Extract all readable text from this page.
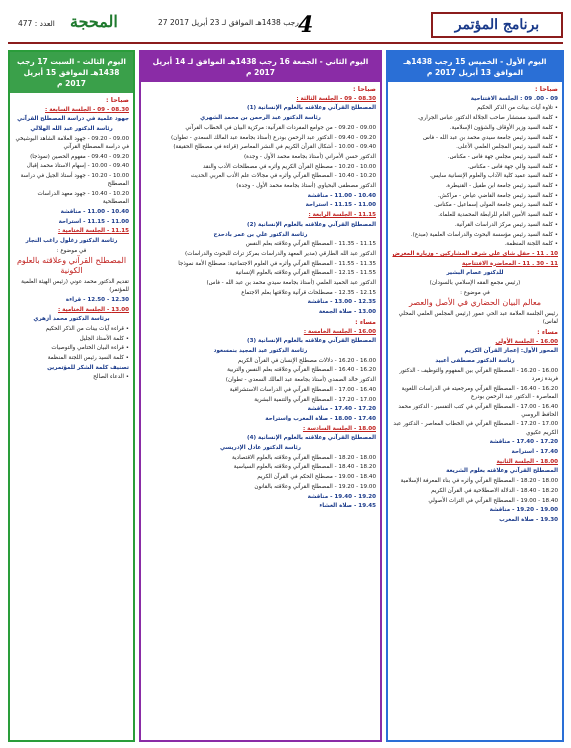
العدد : 477 المحجة	27 رجب 1438هـ الموافق لـ 23 أبريل 2017 4	برنامج المؤتمر
اليوم الأول - الخميس 15 رجب 1438هـ الموافق 13 أبريل 2017 م

صباحا :

09 - 00. 09 : الجلسة الافتتاحية

• تلاوة آيات بينات من الذكر الحكيم

• كلمة السيد مستشار صاحب الجلالة الدكتور عباس الجراري.

• كلمة السيد وزير الأوقاف والشؤون الإسلامية.

• كلمة السيد رئيس جامعة سيدي محمد بن عبد الله - فاس

• كلمة السيد رئيس المجلس العلمي الأعلى.

• كلمة السيد رئيس مجلس جهة فاس - مكناس.

• كلمة السيد والي جهة فاس - مكناس.

• كلمة السيد عميد كلية الآداب والعلوم الإنسانية سايس.

• كلمة السيد رئيس جامعة ابن طفيل - القنيطرة.

• كلمة السيد رئيس جامعة القاضي عياض - مراكش.

• كلمة السيد رئيس جامعة المولى إسماعيل - مكناس.

• كلمة السيد الأمين العام للرابطة المحمدية للعلماء.

• كلمة السيد رئيس مركز الدراسات القرآنية.

• كلمة السيد رئيس مؤسسة البحوث والدراسات العلمية (مبدع).

• كلمة اللجنة المنظمة.

10 . 11 - حفل شاي على شرف المشاركين - وزيارة المعرض

11 - 30 . 11 - المحاضرة الافتتاحية

للدكتور عصام البشير

(رئيس مجمع الفقه الإسلامي بالسودان)

في موضوع :

معالم البيان الحضاري في الأصل والعصر

رئيس الجلسة العلامة عبد الحي عمور (رئيس المجلس العلمي المحلي لفاس)

مساء :

16.00 - الجلسة الأولى

المحور الأول: إعجاز القرآن الكريم

رئاسة الدكتور مصطفى أعبيد

16.00 - 16.20 - المصطلح القرآني بين المفهوم والتوظيف - الدكتور فريدة زمرد

16.20 - 16.40 - المصطلح القرآني ومرجعيته في الدراسات اللغوية المعاصرة - الدكتور عبد الرحمن بودرع

16.40 - 17.00 - المصطلح القرآني في كتب التفسير - الدكتور محمد الحافظ الروسي

17.00 - 17.20 - المصطلح القرآني في الخطاب المعاصر - الدكتور عبد الكريم عكيوي

17.20 - 17.40 - مناقشة

17.40 - استراحة

18.00 - الجلسة الثانية

المصطلح القرآني وعلاقته بعلوم الشريعة

18.00 - 18.20 - المصطلح القرآني وأثره في بناء المعرفة الإسلامية

18.20 - 18.40 - الدلالة الاصطلاحية في القرآن الكريم

18.40 - 19.00 - المصطلح القرآني في التراث الأصولي

19.00 - 19.20 - مناقشة

19.30 - صلاة المغرب

اليوم الثاني - الجمعة 16 رجب 1438هـ الموافق لـ 14 أبريل 2017 م

صباحا :

08.30 - 09 - الجلسة الثالثة :

المصطلح القرآني وعلاقته بالعلوم الإنسانية (1)

رئاسة الدكتور عبد الرحمن بن محمد الشهري

09.00 - 09.20 - من جوامع المفردات القرآنية: مركزية البيان في الخطاب القرآني

09.20 - 09.40 - الدكتور عبد الرحمن بودرع (أستاذ بجامعة عبد المالك السعدي - تطوان)

09.40 - 10.00 - أشكال القرآن الكريم في النشر المعاصر (قراءة في مصطلح الحقيقة)

الدكتور حسن الأمراني (أستاذ بجامعة محمد الأول - وجدة)

10.00 - 10.20 - مصطلح القرآن الكريم وأثره في مصطلحات الأدب والنقد

10.20 - 10.40 - المصطلح القرآني وأثره في مجالات علم الأدب العربي الحديث

الدكتور مصطفى البحياوي (أستاذ بجامعة محمد الأول - وجدة)

10.40 - 11.00 - مناقشة

11.00 - 11.15 - استراحة

11.15 - الجلسة الرابعة :

المصطلح القرآني وعلاقته بالعلوم الإنسانية (2)

رئاسة الدكتور علي بن عمر بادحدح

11.15 - 11.35 - المصطلح القرآني وعلاقته بعلم النفس

الدكتور عبد الله الطارقي (مدير المعهد والدراسات بمركز تراث للبحوث والدراسات)

11.35 - 11.55 - المصطلح القرآني وأثره في العلوم الاجتماعية: مصطلح الأمة نموذجا

11.55 - 12.15 - المصطلح القرآني وعلاقته بالعلوم الإنسانية

الدكتور عبد الحميد العلمي (أستاذ بجامعة سيدي محمد بن عبد الله - فاس)

12.15 - 12.35 - مصطلحات قرآنية وعلاقتها بعلم الاجتماع

12.35 - 13.00 - مناقشة

13.00 - صلاة الجمعة

مساء :

16.00 - الجلسة الخامسة :

المصطلح القرآني وعلاقته بالعلوم الإنسانية (3)

رئاسة الدكتور عبد المجيد بنمسعود

16.00 - 16.20 - دلالات مصطلح الإنسان في القرآن الكريم

16.20 - 16.40 - المصطلح القرآني وعلاقته بعلم النفس والتربية

الدكتور خالد الصمدي (أستاذ بجامعة عبد المالك السعدي - تطوان)

16.40 - 17.00 - المصطلح القرآني في الدراسات الاستشراقية

17.00 - 17.20 - المصطلح القرآني والتنمية البشرية

17.20 - 17.40 - مناقشة

17.40 - 18.00 - صلاة المغرب واستراحة

18.00 - الجلسة السادسة :

المصطلح القرآني وعلاقته بالعلوم الإنسانية (4)

رئاسة الدكتور عادل الإدريسي

18.00 - 18.20 - المصطلح القرآني وعلاقته بالعلوم الاقتصادية

18.20 - 18.40 - المصطلح القرآني وعلاقته بالعلوم السياسية

18.40 - 19.00 - مصطلح الحكم في القرآن الكريم

19.00 - 19.20 - المصطلح القرآني وعلاقته بالقانون

19.20 - 19.40 - مناقشة

19.45 - صلاة العشاء

اليوم الثالث - السبت 17 رجب 1438هـ الموافق 15 أبريل 2017 م

صباحا :

08.30 - 09 - الجلسة السابعة :

جهود علمية في دراسة المصطلح القرآني

رئاسة الدكتور عبد الله الهلالي

09.00 - 09.20 - جهود العلامة الشاهد البوشيخي في دراسة المصطلح القرآني

09.20 - 09.40 - مفهوم الحصين (نموذجا)

09.40 - 10.00 - إسهام الاستاذ محمد إقبال

10.00 - 10.20 - جهود أستاذ الجيل في دراسة المصطلح

10.20 - 10.40 - جهود معهد الدراسات المصطلحية

10.40 - 11.00 - مناقشة

11.00 - 11.15 - استراحة

11.15 - الجلسة الختامية :

رئاسة الدكتور زغلول راغب النجار

في موضوع :

المصطلح القرآني وعلاقته بالعلوم الكونية

تقديم الدكتور محمد عوني (رئيس الهيئة العلمية للمؤتمر)

12.30 - 12.50 - قراءة

13.00 - الجلسة الختامية :

برئاسة الدكتور محمد أزهري

• قراءة آيات بينات من الذكر الحكيم

• كلمة الأستاذ الجليل

• قراءة البيان الختامي والتوصيات

• كلمة السيد رئيس اللجنة المنظمة

تصنيف كلمة الشكر للمؤتمرين

• الدعاء الصالح
